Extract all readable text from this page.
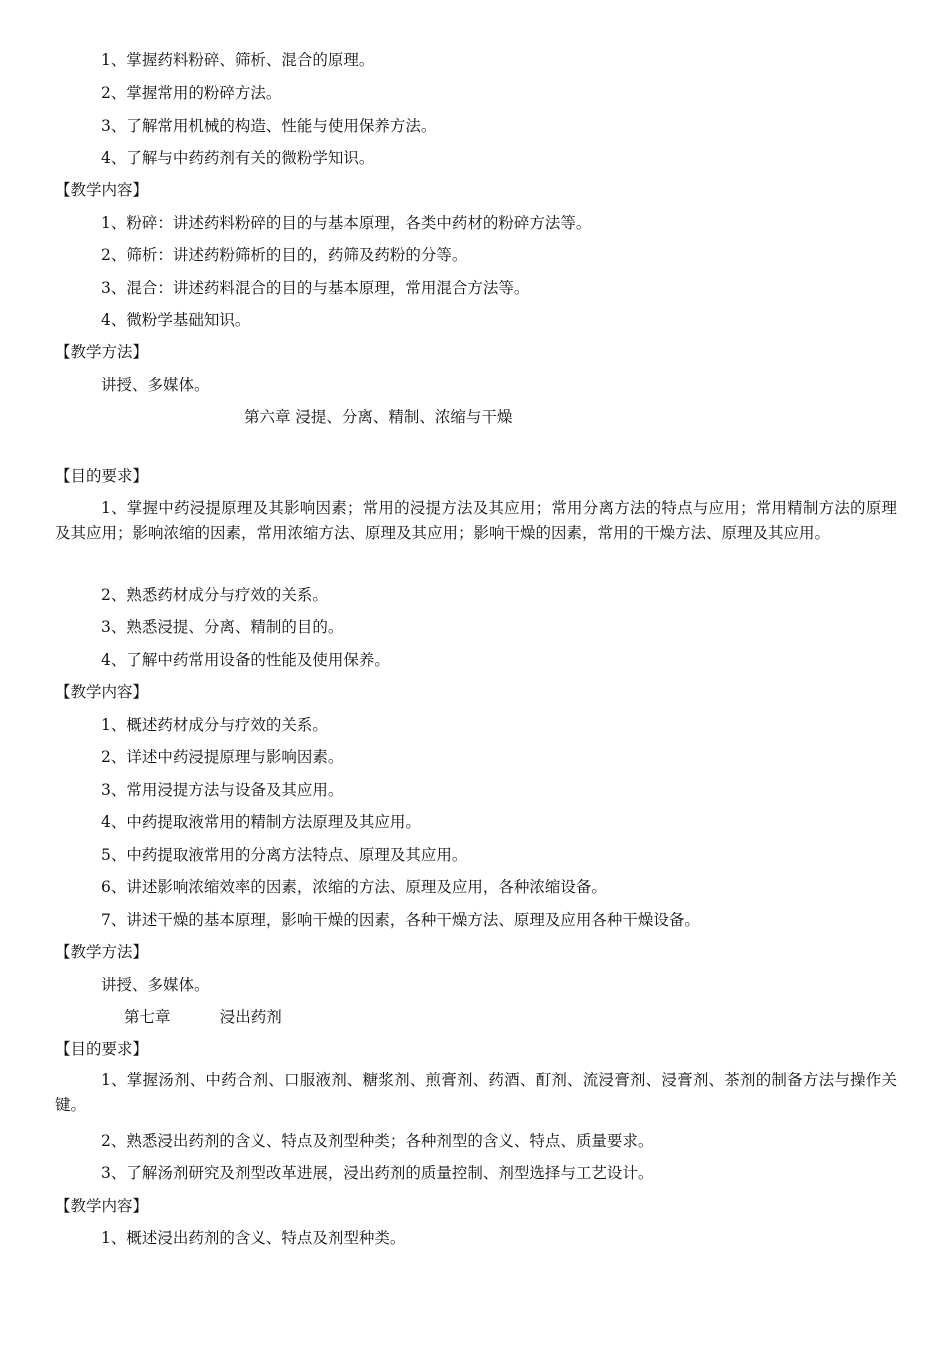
1、掌握药料粉碎、筛析、混合的原理。
2、掌握常用的粉碎方法。
3、了解常用机械的构造、性能与使用保养方法。
4、了解与中药药剂有关的微粉学知识。
【教学内容】
1、粉碎：讲述药料粉碎的目的与基本原理，各类中药材的粉碎方法等。
2、筛析：讲述药粉筛析的目的，药筛及药粉的分等。
3、混合：讲述药料混合的目的与基本原理，常用混合方法等。
4、微粉学基础知识。
【教学方法】
讲授、多媒体。
第六章 浸提、分离、精制、浓缩与干燥
【目的要求】
1、掌握中药浸提原理及其影响因素；常用的浸提方法及其应用；常用分离方法的特点与应用；常用精制方法的原理及其应用；影响浓缩的因素，常用浓缩方法、原理及其应用；影响干燥的因素，常用的干燥方法、原理及其应用。
2、熟悉药材成分与疗效的关系。
3、熟悉浸提、分离、精制的目的。
4、了解中药常用设备的性能及使用保养。
【教学内容】
1、概述药材成分与疗效的关系。
2、详述中药浸提原理与影响因素。
3、常用浸提方法与设备及其应用。
4、中药提取液常用的精制方法原理及其应用。
5、中药提取液常用的分离方法特点、原理及其应用。
6、讲述影响浓缩效率的因素，浓缩的方法、原理及应用，各种浓缩设备。
7、讲述干燥的基本原理，影响干燥的因素，各种干燥方法、原理及应用各种干燥设备。
【教学方法】
讲授、多媒体。
第七章          浸出药剂
【目的要求】
1、掌握汤剂、中药合剂、口服液剂、糖浆剂、煎膏剂、药酒、酊剂、流浸膏剂、浸膏剂、茶剂的制备方法与操作关键。
2、熟悉浸出药剂的含义、特点及剂型种类；各种剂型的含义、特点、质量要求。
3、了解汤剂研究及剂型改革进展，浸出药剂的质量控制、剂型选择与工艺设计。
【教学内容】
1、概述浸出药剂的含义、特点及剂型种类。
